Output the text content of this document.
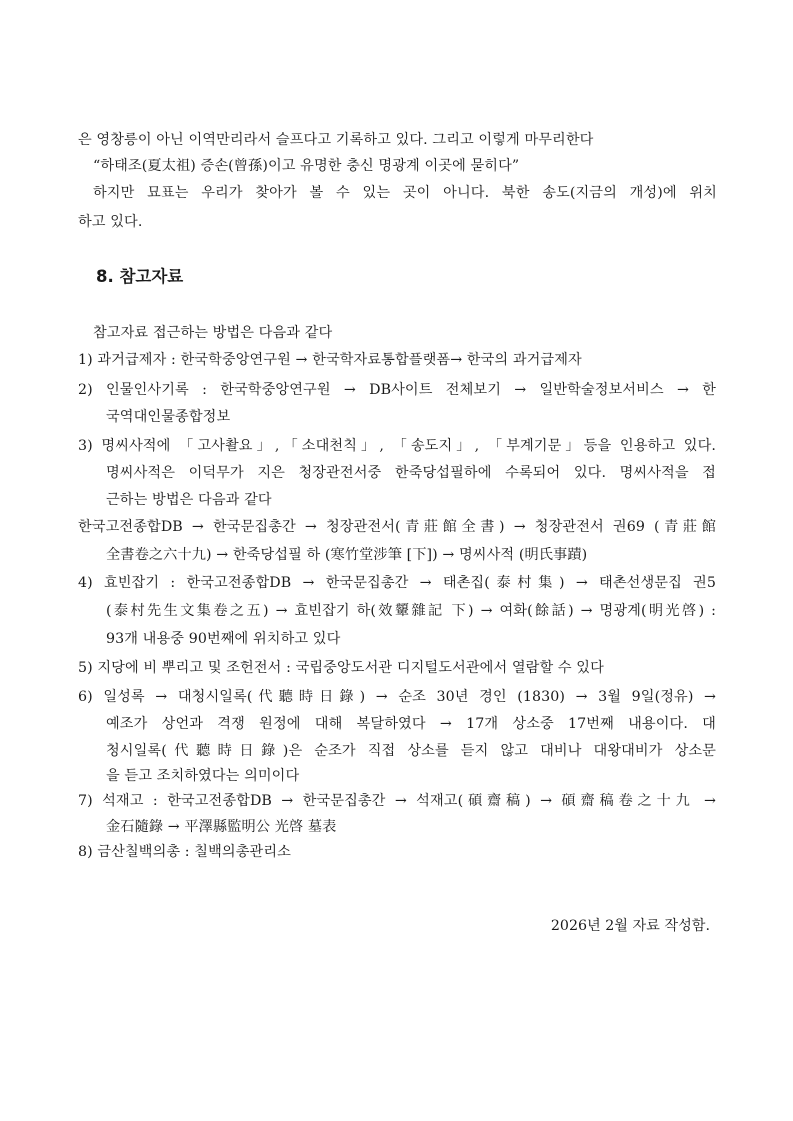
은 영창릉이 아닌 이역만리라서 슬프다고 기록하고 있다. 그리고 이렇게 마무리한다
“하태조(夏太祖) 증손(曾孫)이고 유명한 충신 명광계 이곳에 묻히다”
하지만 묘표는 우리가 찾아가 볼 수 있는 곳이 아니다. 북한 송도(지금의 개성)에 위치
하고 있다.
8. 참고자료
참고자료 접근하는 방법은 다음과 같다
1) 과거급제자 : 한국학중앙연구원 → 한국학자료통합플랫폼→ 한국의 과거급제자
2) 인물인사기록 : 한국학중앙연구원 → DB사이트 전체보기 → 일반학술정보서비스 → 한
국역대인물종합정보
3) 명씨사적에 「고사촬요」,「소대천칙」, 「송도지」, 「부계기문」등을 인용하고 있다.
명씨사적은 이덕무가 지은 청장관전서중 한죽당섭필하에 수록되어 있다. 명씨사적을 접
근하는 방법은 다음과 같다
한국고전종합DB → 한국문집총간 → 청장관전서(青莊館全書) → 청장관전서 권69 (青莊館
全書卷之六十九) → 한죽당섭필 하 (寒竹堂涉筆 [下]) → 명씨사적 (明氏事蹟)
4) 효빈잡기 : 한국고전종합DB → 한국문집총간 → 태촌집(泰村集) → 태촌선생문집 권5
(泰村先生文集卷之五) → 효빈잡기 하(效顰雜記 下) → 여화(餘話) → 명광계(明光啓) :
93개 내용중 90번째에 위치하고 있다
5) 지당에 비 뿌리고 및 조헌전서 : 국립중앙도서관 디지털도서관에서 열람할 수 있다
6) 일성록 → 대청시일록(代聽時日錄) → 순조 30년 경인 (1830) → 3월 9일(정유) →
예조가 상언과 격쟁 원정에 대해 복달하였다 → 17개 상소중 17번째 내용이다. 대
청시일록(代聽時日錄)은 순조가 직접 상소를 듣지 않고 대비나 대왕대비가 상소문
을 듣고 조치하였다는 의미이다
7) 석재고 : 한국고전종합DB → 한국문집총간 → 석재고(碩齋稿) → 碩齋稿卷之十九 →
金石隨錄 → 平澤縣監明公 光啓 墓表
8) 금산칠백의총 : 칠백의총관리소
2026년 2월 자료 작성함.
